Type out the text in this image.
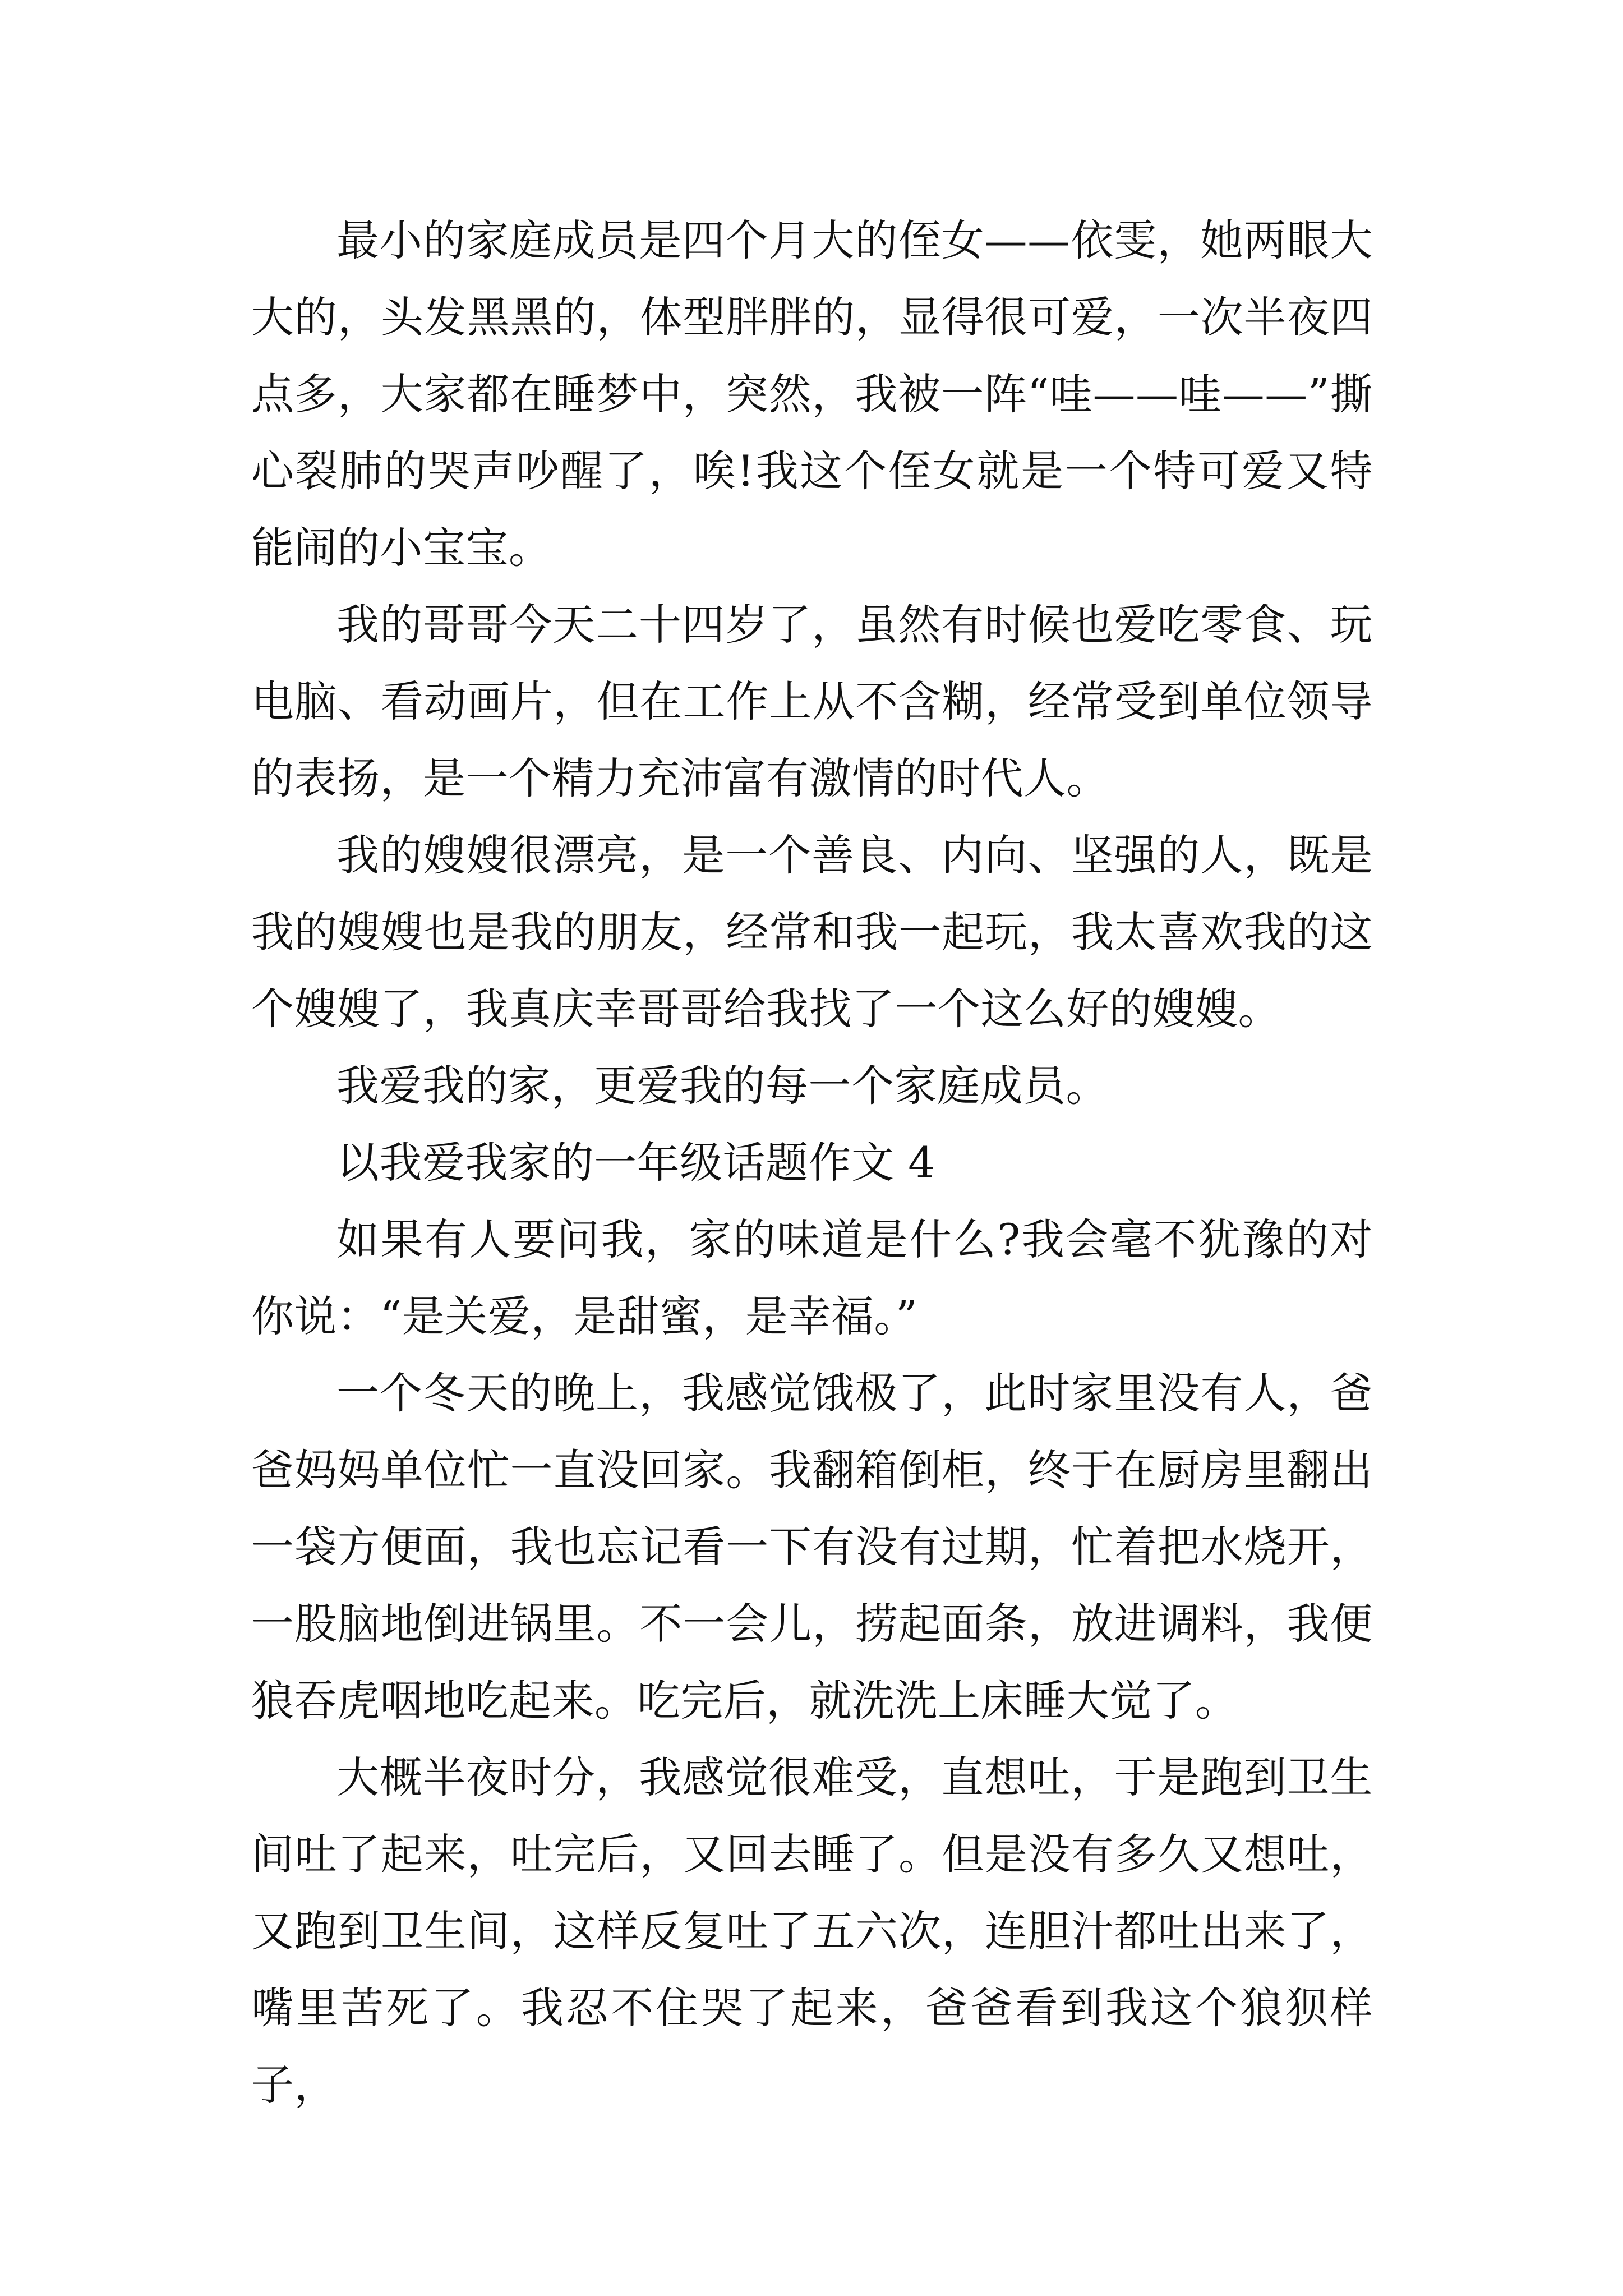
最小的家庭成员是四个月大的侄女——依雯，她两眼大大的，头发黑黑的，体型胖胖的，显得很可爱，一次半夜四点多，大家都在睡梦中，突然，我被一阵“哇——哇——”撕心裂肺的哭声吵醒了，唉!我这个侄女就是一个特可爱又特能闹的小宝宝。

我的哥哥今天二十四岁了，虽然有时候也爱吃零食、玩电脑、看动画片，但在工作上从不含糊，经常受到单位领导的表扬，是一个精力充沛富有激情的时代人。

我的嫂嫂很漂亮，是一个善良、内向、坚强的人，既是我的嫂嫂也是我的朋友，经常和我一起玩，我太喜欢我的这个嫂嫂了，我真庆幸哥哥给我找了一个这么好的嫂嫂。

我爱我的家，更爱我的每一个家庭成员。

以我爱我家的一年级话题作文 4

如果有人要问我，家的味道是什么?我会毫不犹豫的对你说：“是关爱，是甜蜜，是幸福。”

一个冬天的晚上，我感觉饿极了，此时家里没有人，爸爸妈妈单位忙一直没回家。我翻箱倒柜，终于在厨房里翻出一袋方便面，我也忘记看一下有没有过期，忙着把水烧开，一股脑地倒进锅里。不一会儿，捞起面条，放进调料，我便狼吞虎咽地吃起来。吃完后，就洗洗上床睡大觉了。

大概半夜时分，我感觉很难受，直想吐，于是跑到卫生间吐了起来，吐完后，又回去睡了。但是没有多久又想吐，又跑到卫生间，这样反复吐了五六次，连胆汁都吐出来了，嘴里苦死了。我忍不住哭了起来，爸爸看到我这个狼狈样子，
